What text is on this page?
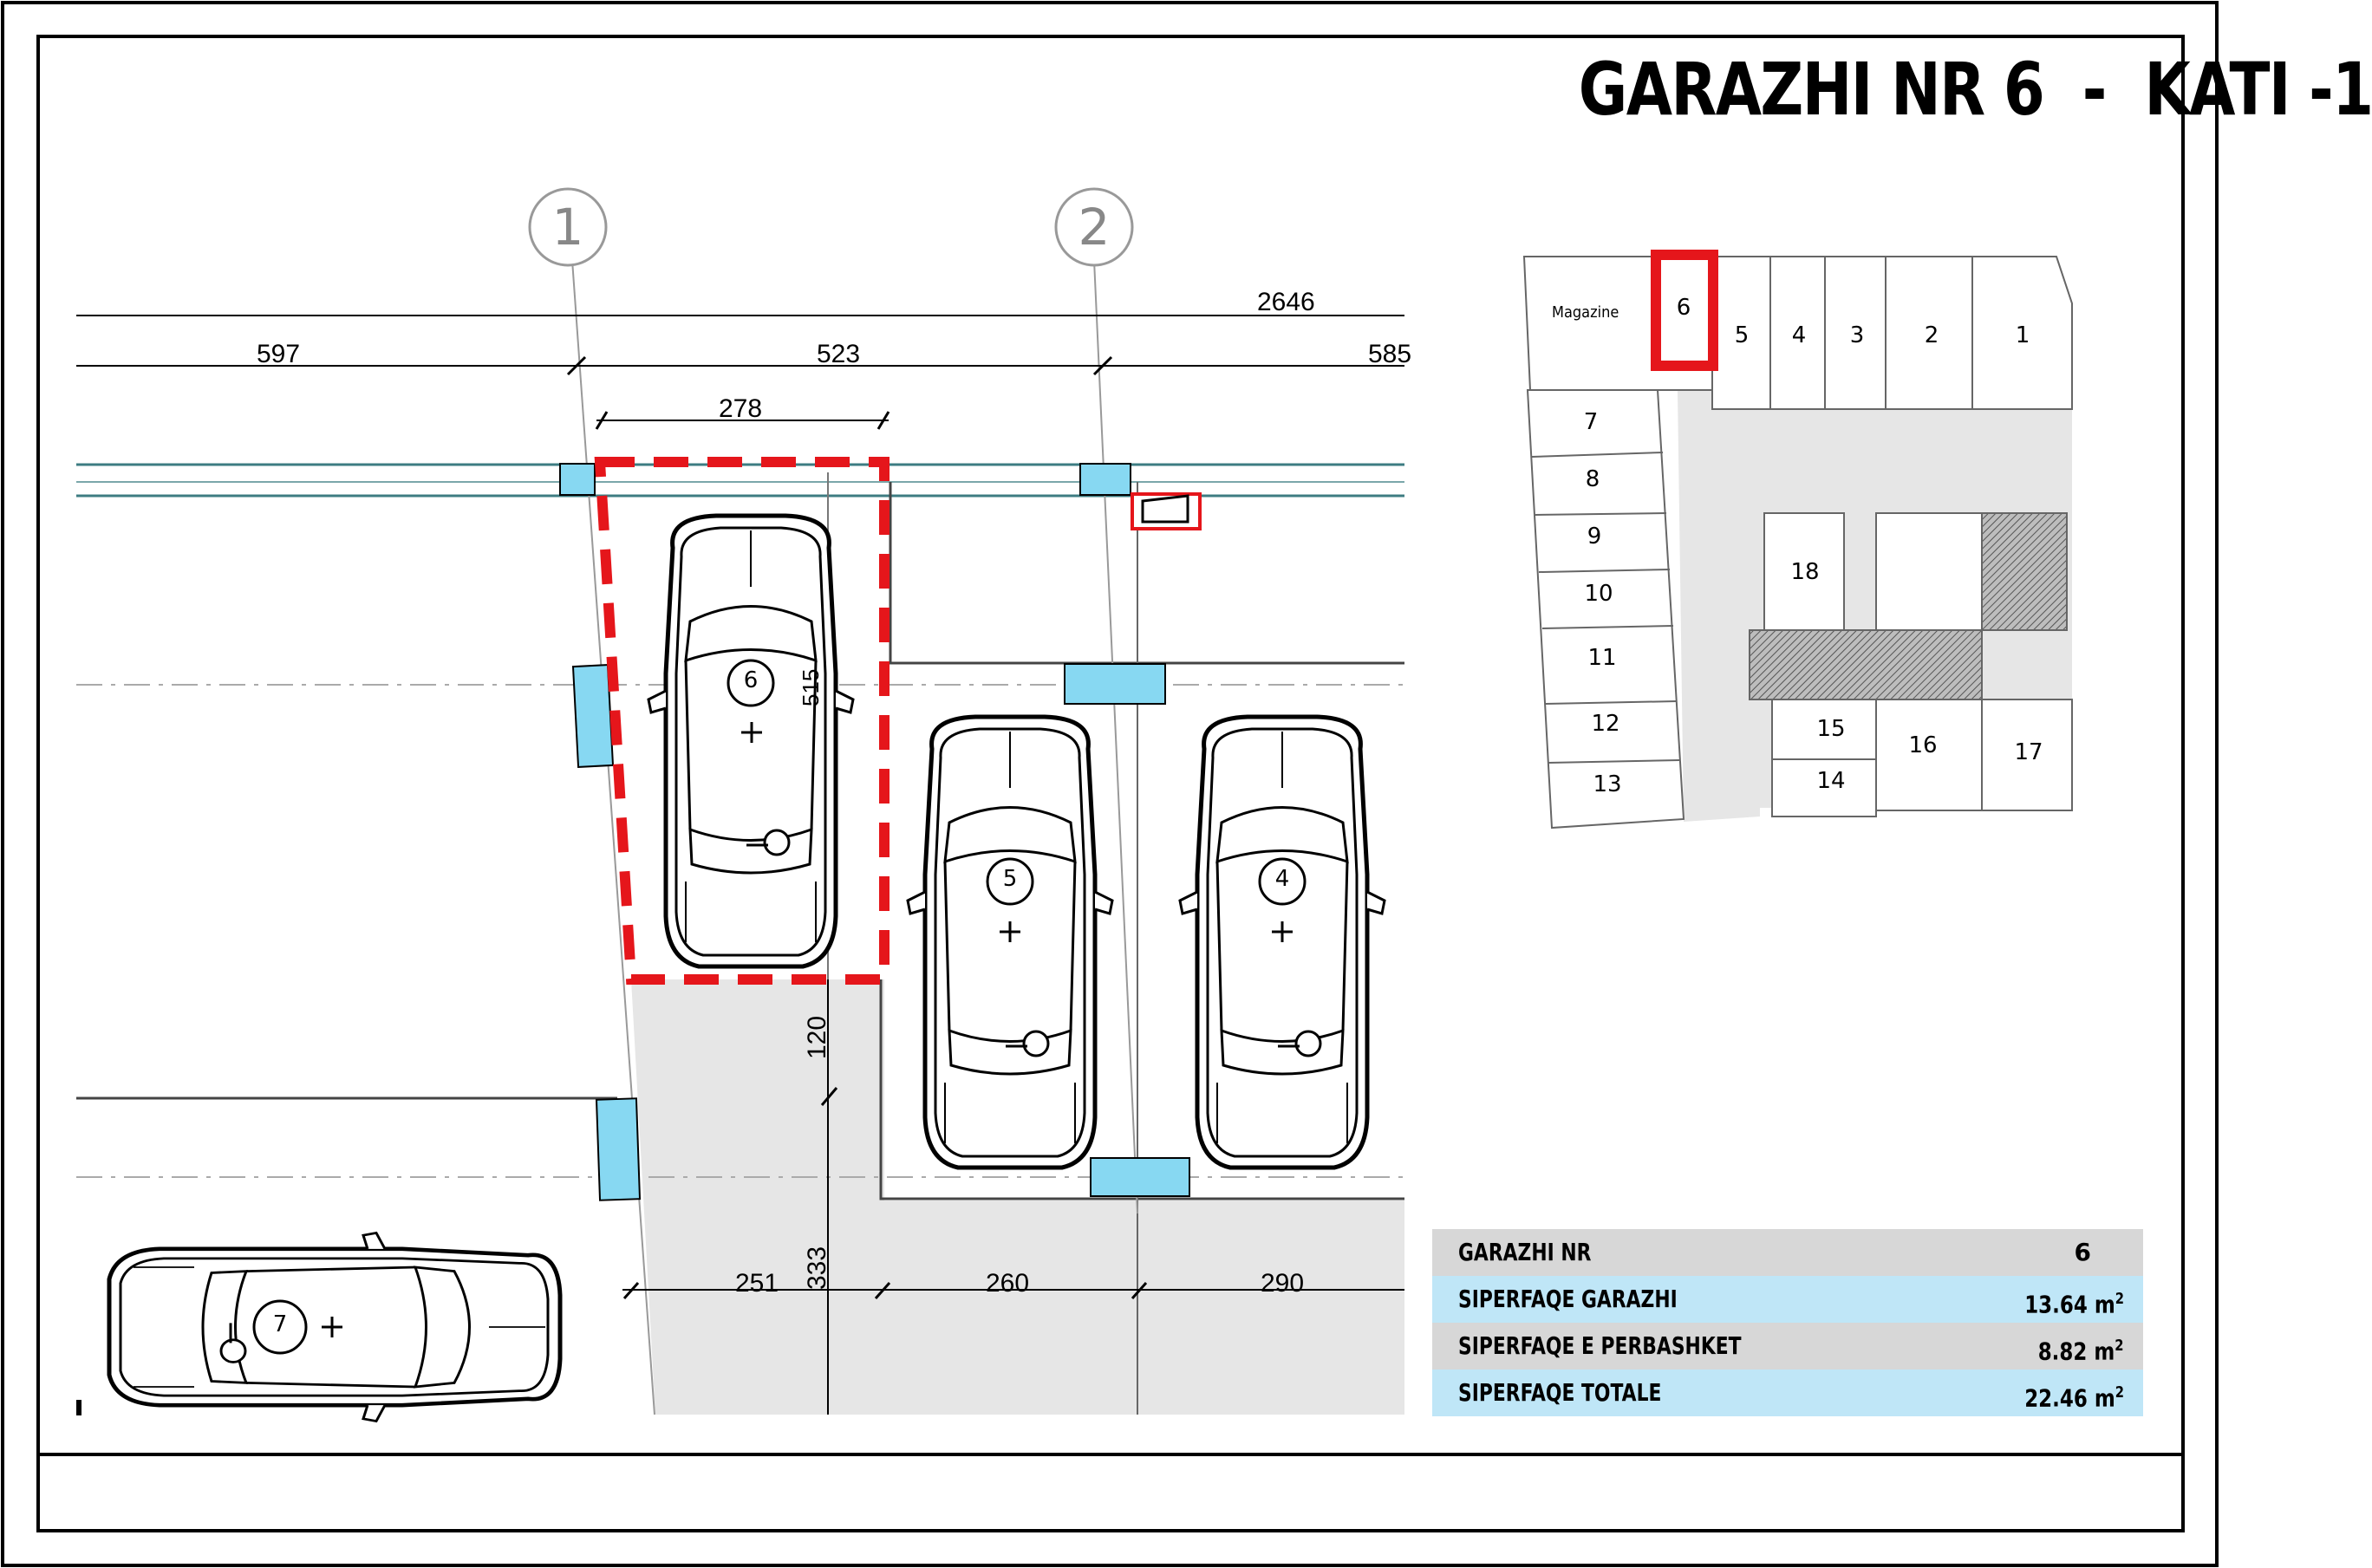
GARAZHI NR 6  -  KATI -1
1	2
2646
597	523	585
278
515
120
333
251	260	290
6
5	4
7
Magazine	6
5 4 3	2	1
7
8
9
10
11
12
13
18
15
14
16	17
GARAZHI NR	6
SIPERFAQE GARAZHI	13.64 $m^2$
SIPERFAQE E PERBASHKET	8.82 $m^2$
SIPERFAQE TOTALE	22.46 $m^2$
